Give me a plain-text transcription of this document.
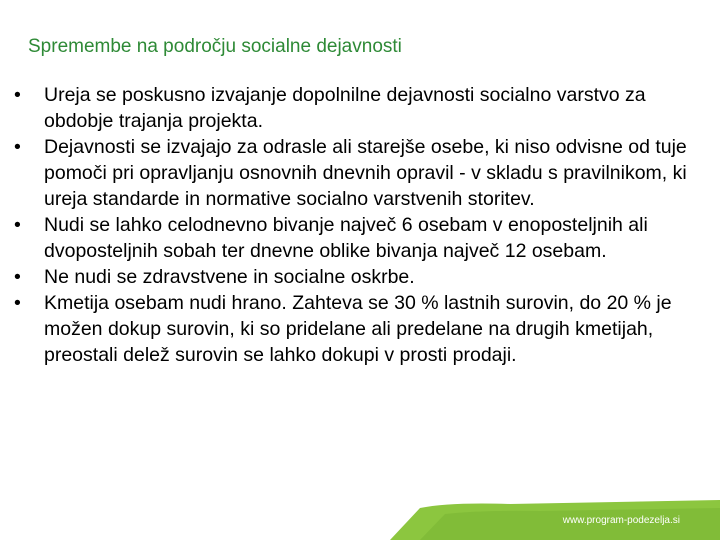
Spremembe na področju socialne dejavnosti
• Ureja se poskusno izvajanje dopolnilne dejavnosti socialno varstvo za obdobje trajanja projekta.
• Dejavnosti se izvajajo za odrasle ali starejše osebe, ki niso odvisne od tuje pomoči pri opravljanju osnovnih dnevnih opravil - v skladu s pravilnikom, ki ureja standarde in normative socialno varstvenih storitev.
• Nudi se lahko celodnevno bivanje največ 6 osebam v enoposteljnih ali dvoposteljnih sobah ter dnevne oblike bivanja največ 12 osebam.
• Ne nudi se zdravstvene in socialne oskrbe.
• Kmetija osebam nudi hrano. Zahteva se 30 % lastnih surovin, do 20 % je možen dokup surovin, ki so pridelane ali predelane na drugih kmetijah, preostali delež surovin se lahko dokupi v prosti prodaji.
www.program-podezelja.si
